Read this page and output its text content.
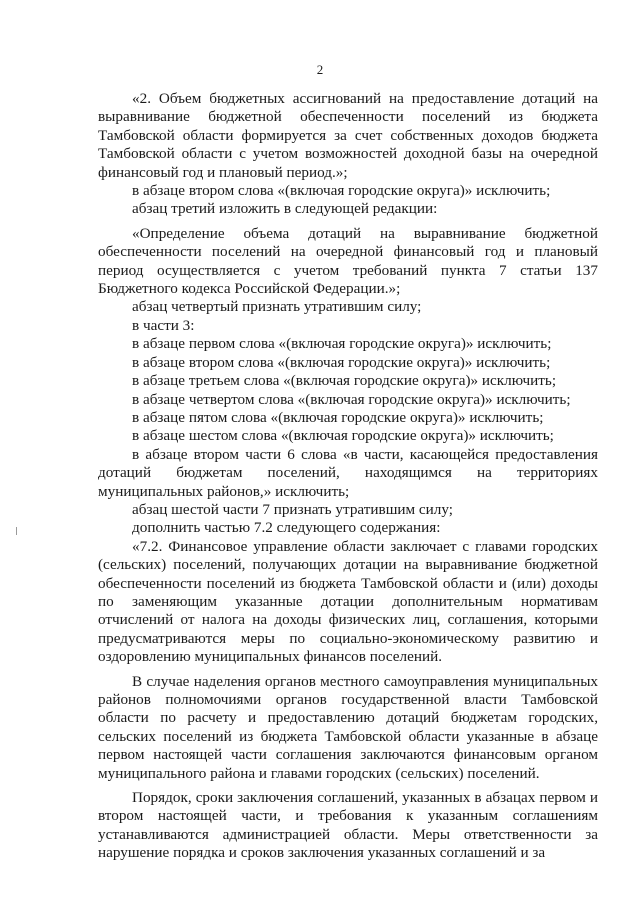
2

«2. Объем бюджетных ассигнований на предоставление дотаций на выравнивание бюджетной обеспеченности поселений из бюджета Тамбовской области формируется за счет собственных доходов бюджета Тамбовской области с учетом возможностей доходной базы на очередной финансовый год и плановый период.»;

в абзаце втором слова «(включая городские округа)» исключить;

абзац третий изложить в следующей редакции:

«Определение объема дотаций на выравнивание бюджетной обеспеченности поселений на очередной финансовый год и плановый период осуществляется с учетом требований пункта 7 статьи 137 Бюджетного кодекса Российской Федерации.»;

абзац четвертый признать утратившим силу;

в части 3:

в абзаце первом слова «(включая городские округа)» исключить;

в абзаце втором слова «(включая городские округа)» исключить;

в абзаце третьем слова «(включая городские округа)» исключить;

в абзаце четвертом слова «(включая городские округа)» исключить;

в абзаце пятом слова «(включая городские округа)» исключить;

в абзаце шестом слова «(включая городские округа)» исключить;

в абзаце втором части 6 слова «в части, касающейся предоставления дотаций бюджетам поселений, находящимся на территориях муниципальных районов,» исключить;

абзац шестой части 7 признать утратившим силу;

дополнить частью 7.2 следующего содержания:

«7.2. Финансовое управление области заключает с главами городских (сельских) поселений, получающих дотации на выравнивание бюджетной обеспеченности поселений из бюджета Тамбовской области и (или) доходы по заменяющим указанные дотации дополнительным нормативам отчислений от налога на доходы физических лиц, соглашения, которыми предусматриваются меры по социально-экономическому развитию и оздоровлению муниципальных финансов поселений.

В случае наделения органов местного самоуправления муниципальных районов полномочиями органов государственной власти Тамбовской области по расчету и предоставлению дотаций бюджетам городских, сельских поселений из бюджета Тамбовской области указанные в абзаце первом настоящей части соглашения заключаются финансовым органом муниципального района и главами городских (сельских) поселений.

Порядок, сроки заключения соглашений, указанных в абзацах первом и втором настоящей части, и требования к указанным соглашениям устанавливаются администрацией области. Меры ответственности за нарушение порядка и сроков заключения указанных соглашений и за
